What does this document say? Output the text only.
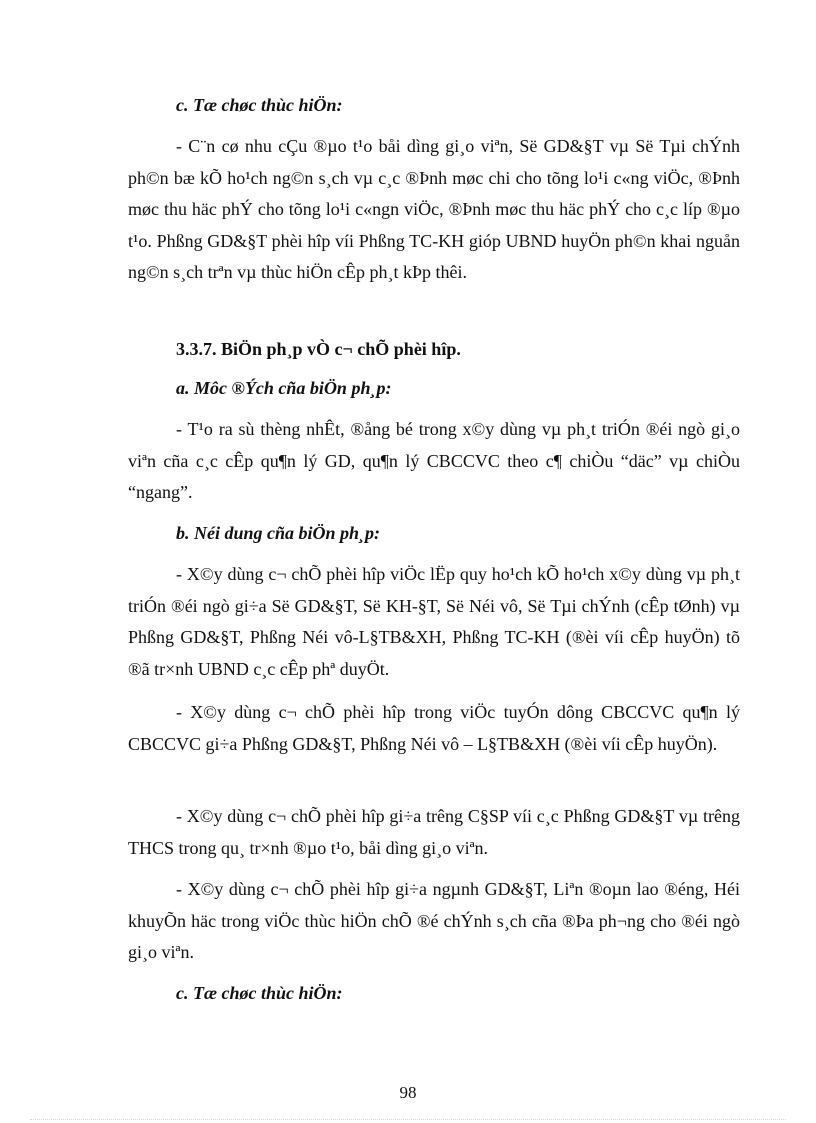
c. Tæ chøc thùc hiÖn:

- C¨n cø nhu cÇu ®µo t¹o båi dìng gi¸o viªn, Së GD&§T vµ Së Tµi chÝnh ph©n bæ kÕ ho¹ch ng©n s¸ch vµ c¸c ®Þnh møc chi cho tõng lo¹i c«ng viÖc, ®Þnh møc thu häc phÝ cho tõng lo¹i c«ngn viÖc, ®Þnh møc thu häc phÝ cho c¸c líp ®µo t¹o. Phßng GD&§T phèi hîp víi Phßng TC-KH gióp UBND huyÖn ph©n khai nguån ng©n s¸ch trªn vµ thùc hiÖn cÊp ph¸t kÞp thêi.

3.3.7. BiÖn ph¸p vÒ c¬ chÕ phèi hîp.
a. Môc ®Ých cña biÖn ph¸p:

- T¹o ra sù thèng nhÊt, ®ång bé trong x©y dùng vµ ph¸t triÓn ®éi ngò gi¸o viªn cña c¸c cÊp qu¶n lý GD, qu¶n lý CBCCVC theo c¶ chiÒu “däc” vµ chiÒu “ngang”.

b. Néi dung cña biÖn ph¸p:

- X©y dùng c¬ chÕ phèi hîp viÖc lËp quy ho¹ch kÕ ho¹ch x©y dùng vµ ph¸t triÓn ®éi ngò gi÷a Së GD&§T, Së KH-§T, Së Néi vô, Së Tµi chÝnh (cÊp tØnh) vµ Phßng GD&§T, Phßng Néi vô-L§TB&XH, Phßng TC-KH (®èi víi cÊp huyÖn) tõ ®ã tr×nh UBND c¸c cÊp phª duyÖt.

- X©y dùng c¬ chÕ phèi hîp trong viÖc tuyÓn dông CBCCVC qu¶n lý CBCCVC gi÷a Phßng GD&§T, Phßng Néi vô – L§TB&XH (®èi víi cÊp huyÖn).

- X©y dùng c¬ chÕ phèi hîp gi÷a trêng C§SP víi c¸c Phßng GD&§T vµ trêng THCS trong qu¸ tr×nh ®µo t¹o, båi dìng gi¸o viªn.

- X©y dùng c¬ chÕ phèi hîp gi÷a ngµnh GD&§T, Liªn ®oµn lao ®éng, Héi khuyÕn häc trong viÖc thùc hiÖn chÕ ®é chÝnh s¸ch cña ®Þa ph¬ng cho ®éi ngò gi¸o viªn.

c. Tæ chøc thùc hiÖn:
98
